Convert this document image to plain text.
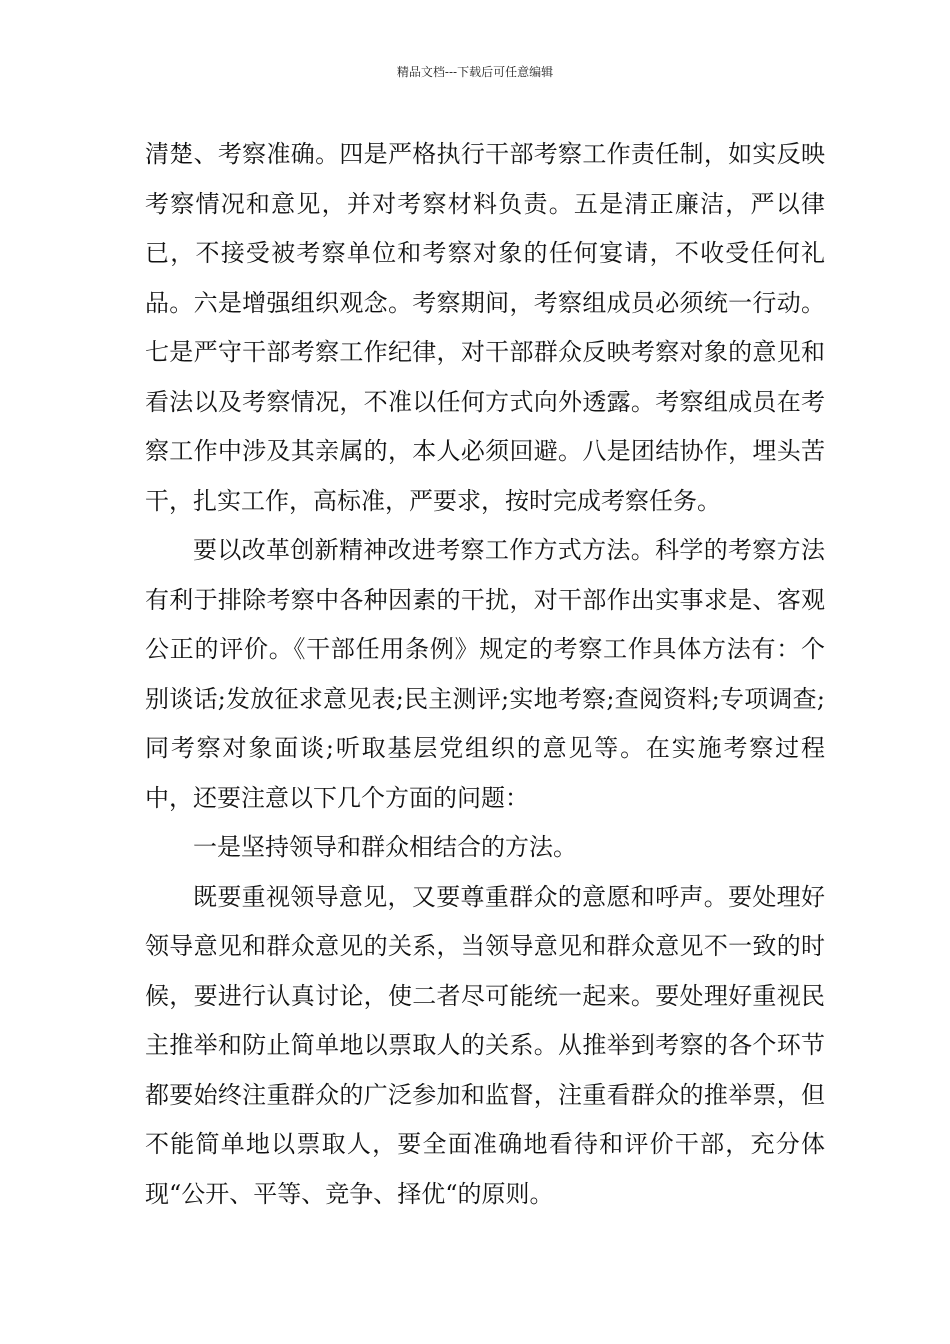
精品文档---下载后可任意编辑

清楚、考察准确。四是严格执行干部考察工作责任制，如实反映考察情况和意见，并对考察材料负责。五是清正廉洁，严以律已，不接受被考察单位和考察对象的任何宴请，不收受任何礼品。六是增强组织观念。考察期间，考察组成员必须统一行动。七是严守干部考察工作纪律，对干部群众反映考察对象的意见和看法以及考察情况，不准以任何方式向外透露。考察组成员在考察工作中涉及其亲属的，本人必须回避。八是团结协作，埋头苦干，扎实工作，高标准，严要求，按时完成考察任务。

要以改革创新精神改进考察工作方式方法。科学的考察方法有利于排除考察中各种因素的干扰，对干部作出实事求是、客观公正的评价。《干部任用条例》规定的考察工作具体方法有：个别谈话;发放征求意见表;民主测评;实地考察;查阅资料;专项调查;同考察对象面谈;听取基层党组织的意见等。在实施考察过程中，还要注意以下几个方面的问题：

一是坚持领导和群众相结合的方法。

既要重视领导意见，又要尊重群众的意愿和呼声。要处理好领导意见和群众意见的关系，当领导意见和群众意见不一致的时候，要进行认真讨论，使二者尽可能统一起来。要处理好重视民主推举和防止简单地以票取人的关系。从推举到考察的各个环节都要始终注重群众的广泛参加和监督，注重看群众的推举票，但不能简单地以票取人，要全面准确地看待和评价干部，充分体现“公开、平等、竞争、择优“的原则。
